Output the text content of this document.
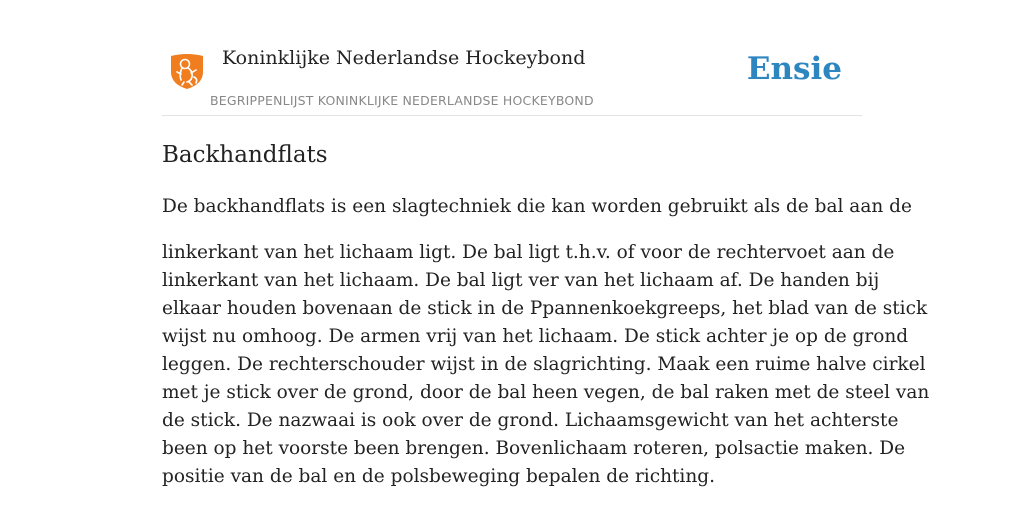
Koninklijke Nederlandse Hockeybond
BEGRIPPENLIJST KONINKLIJKE NEDERLANDSE HOCKEYBOND
Ensie
Backhandflats

De backhandflats is een slagtechniek die kan worden gebruikt als de bal aan de

linkerkant van het lichaam ligt. De bal ligt t.h.v. of voor de rechtervoet aan de
linkerkant van het lichaam. De bal ligt ver van het lichaam af. De handen bij
elkaar houden bovenaan de stick in de Ppannenkoekgreeps, het blad van de stick
wijst nu omhoog. De armen vrij van het lichaam. De stick achter je op de grond
leggen. De rechterschouder wijst in de slagrichting. Maak een ruime halve cirkel
met je stick over de grond, door de bal heen vegen, de bal raken met de steel van
de stick. De nazwaai is ook over de grond. Lichaamsgewicht van het achterste
been op het voorste been brengen. Bovenlichaam roteren, polsactie maken. De
positie van de bal en de polsbeweging bepalen de richting.
